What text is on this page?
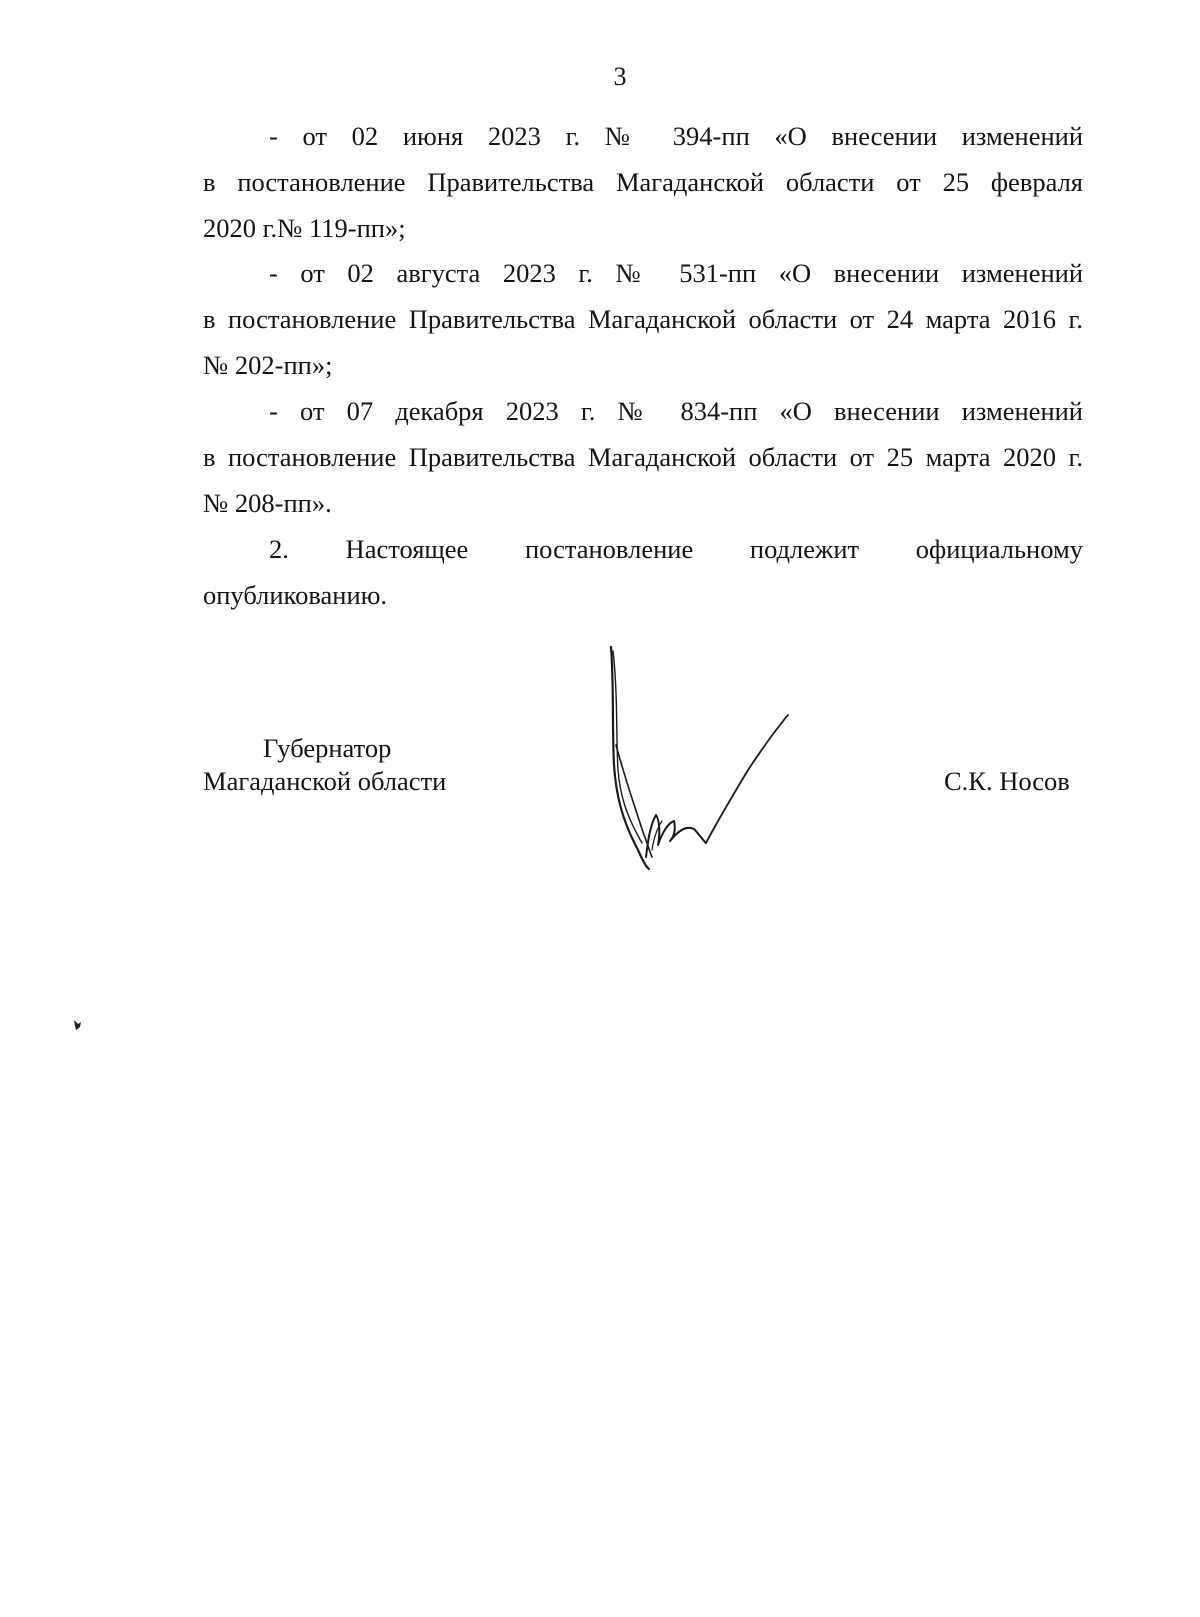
3
- от 02 июня 2023 г. № 394-пп «О внесении изменений
в постановление Правительства Магаданской области от 25 февраля
2020 г.№ 119-пп»;
- от 02 августа 2023 г. № 531-пп «О внесении изменений
в постановление Правительства Магаданской области от 24 марта 2016 г.
№ 202-пп»;
- от 07 декабря 2023 г. № 834-пп «О внесении изменений
в постановление Правительства Магаданской области от 25 марта 2020 г.
№ 208-пп».
2. Настоящее постановление подлежит официальному
опубликованию.
Губернатор
Магаданской области	С.К. Носов
